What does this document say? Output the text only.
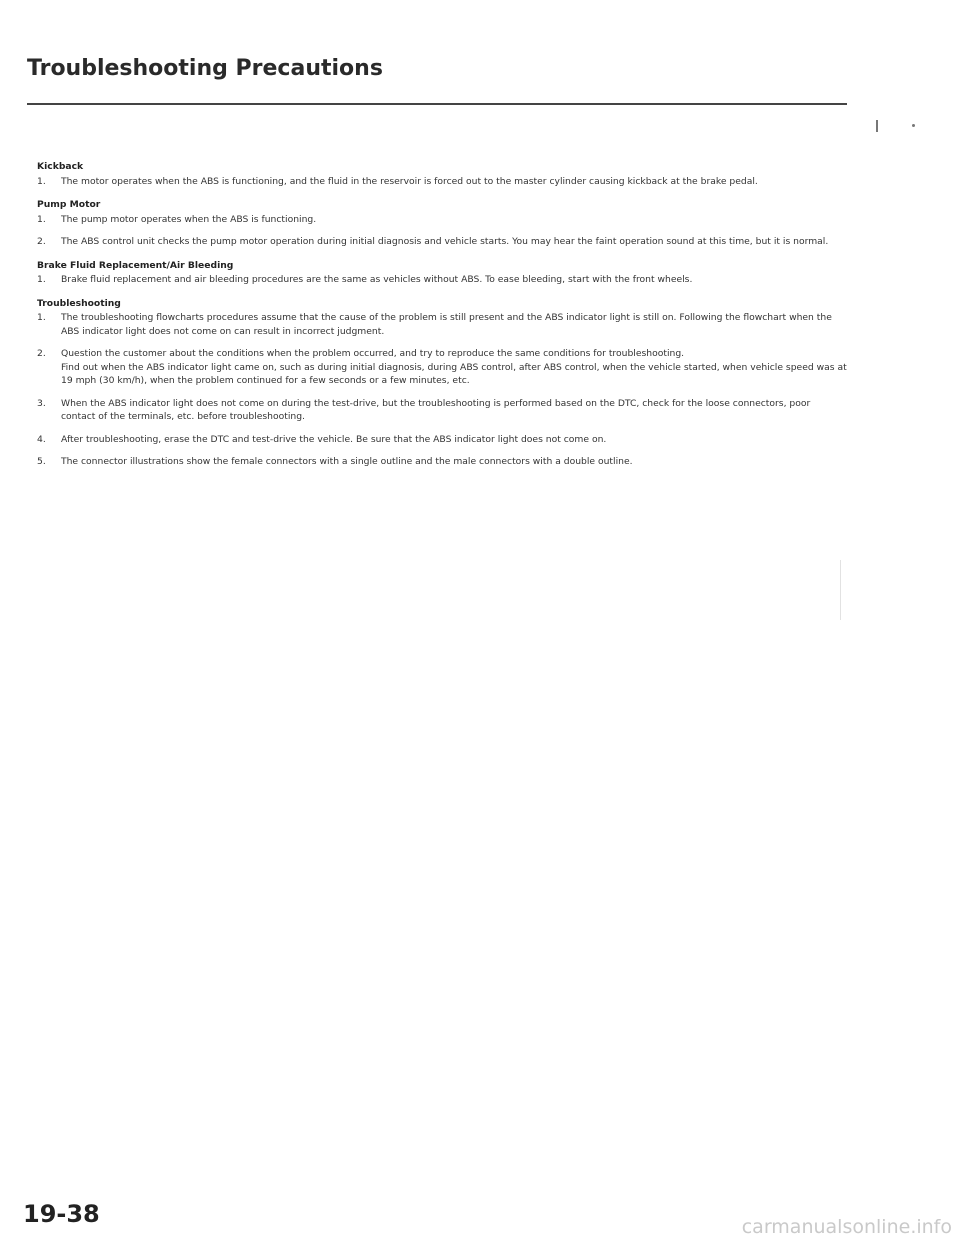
Troubleshooting Precautions
Kickback
1.	The motor operates when the ABS is functioning, and the fluid in the reservoir is forced out to the master cylinder causing kickback at the brake pedal.

Pump Motor
1.	The pump motor operates when the ABS is functioning.

2.	The ABS control unit checks the pump motor operation during initial diagnosis and vehicle starts. You may hear the faint operation sound at this time, but it is normal.

Brake Fluid Replacement/Air Bleeding
1.	Brake fluid replacement and air bleeding procedures are the same as vehicles without ABS. To ease bleeding, start with the front wheels.

Troubleshooting
1.	The troubleshooting flowcharts procedures assume that the cause of the problem is still present and the ABS indicator light is still on. Following the flowchart when the ABS indicator light does not come on can result in incorrect judgment.

2.	Question the customer about the conditions when the problem occurred, and try to reproduce the same conditions for troubleshooting.

Find out when the ABS indicator light came on, such as during initial diagnosis, during ABS control, after ABS control, when the vehicle started, when vehicle speed was at 19 mph (30 km/h), when the problem continued for a few seconds or a few minutes, etc.

3.	When the ABS indicator light does not come on during the test-drive, but the troubleshooting is performed based on the DTC, check for the loose connectors, poor contact of the terminals, etc. before troubleshooting.

4.	After troubleshooting, erase the DTC and test-drive the vehicle. Be sure that the ABS indicator light does not come on.

5.	The connector illustrations show the female connectors with a single outline and the male connectors with a double outline.

19-38	carmanualsonline.info
